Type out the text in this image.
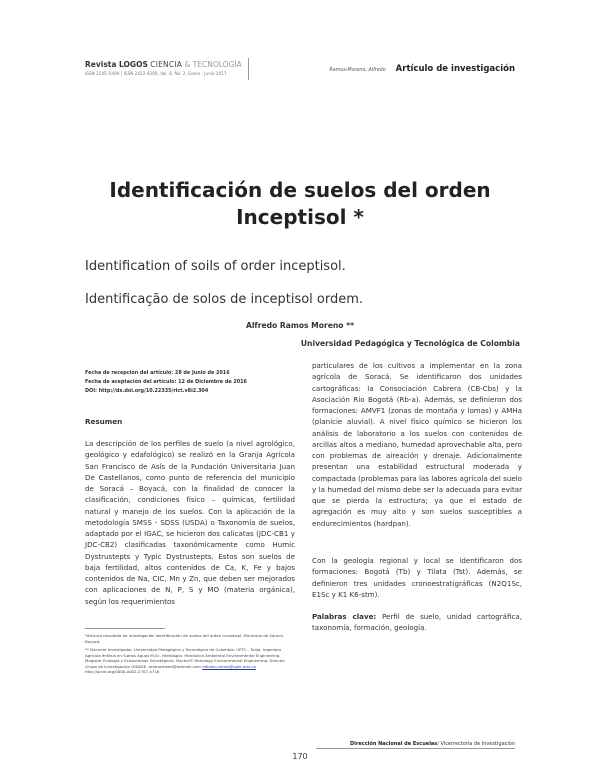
Revista LOGOS CIENCIA & TECNOLOGÍA
ISSN 2145–549X | ISSN 2422-4200, Vol. 8, No. 2, Enero - Junio 2017
Ramos-Moreno, Alfredo Artículo de investigación
Identificación de suelos del orden Inceptisol *

Identification of soils of order inceptisol.

Identificação de solos de inceptisol ordem.

Alfredo Ramos Moreno **
Universidad Pedagógica y Tecnológica de Colombia
Fecha de recepción del artículo: 28 de Junio de 2016
Fecha de aceptación del artículo: 12 de Diciembre de 2016
DOI: http://dx.doi.org/10.22335/rlct.v8i2.304
Resumen

La descripción de los perfiles de suelo (a nivel agrológico, geológico y edafológico) se realizó en la Granja Agrícola San Francisco de Asís de la Fundación Universitaria Juan De Castellanos, como punto de referencia del municipio de Soracá – Boyacá, con la finalidad de conocer la clasificación, condiciones físico – químicas, fertilidad natural y manejo de los suelos. Con la aplicación de la metodología SMSS - SDSS (USDA) o Taxonomía de suelos, adaptado por el IGAC, se hicieron dos calicatas (JDC-CB1 y JDC-CB2) clasificadas taxonómicamente como Humic Dystrustepts y Typic Dystrustepts. Estos son suelos de baja fertilidad, altos contenidos de Ca, K, Fe y bajos contenidos de Na, CIC, Mn y Zn, que deben ser mejorados con aplicaciones de N, P, S y MO (materia orgánica), según los requerimientos

particulares de los cultivos a implementar en la zona agrícola de Soracá. Se identificaron dos unidades cartográficas: la Consociación Cabrera (CB-Cbs) y la Asociación Río Bogotá (Rb-a). Además, se definieron dos formaciones: AMVF1 (zonas de montaña y lomas) y AMHa (planicie aluvial). A nivel físico químico se hicieron los análisis de laboratorio a los suelos con contenidos de arcillas altos a mediano, humedad aprovechable alta, pero con problemas de aireación y drenaje. Adicionalmente presentan una estabilidad estructural moderada y compactada (problemas para las labores agrícola del suelo y la humedad del mismo debe ser la adecuada para evitar que se pierda la estructura; ya que el estado de agregación es muy alto y son suelos susceptibles a endurecimientos (hardpan).

Con la geología regional y local se identificaron dos formaciones: Bogotá (Tb) y Tilata (Tst). Además, se definieron tres unidades cronoestratigráficas (N2Q1Sc, E1Sc y K1 K6-stm).

Palabras clave: Perfil de suelo, unidad cartográfica, taxonomía, formación, geología.

*Artículo resultado de investigación identificación de suelos del orden inceptisol. Municipio de Soracá, Boyacá.

** Docente Investigador. Universidad Pedagógica y Tecnológica de Colombia. UPTC - Tunja. Ingeniero Agrícola énfasis en Suelos Aguas M.Sc. Hidrología. Hidráulica Ambiental Environmental Engineering. Magister Ecología y Ecosistemas Estratégicos. Doctor© Hidrology Environmental Engineering. Director Grupo de Investigación GIDASE. aramosheed@hotmail.com alfredo.ramos@uptc.edu.co http://orcid.org/0000-0002-2707-4716

Dirección Nacional de Escuelas / Vicerrectoría de Investigación
170
